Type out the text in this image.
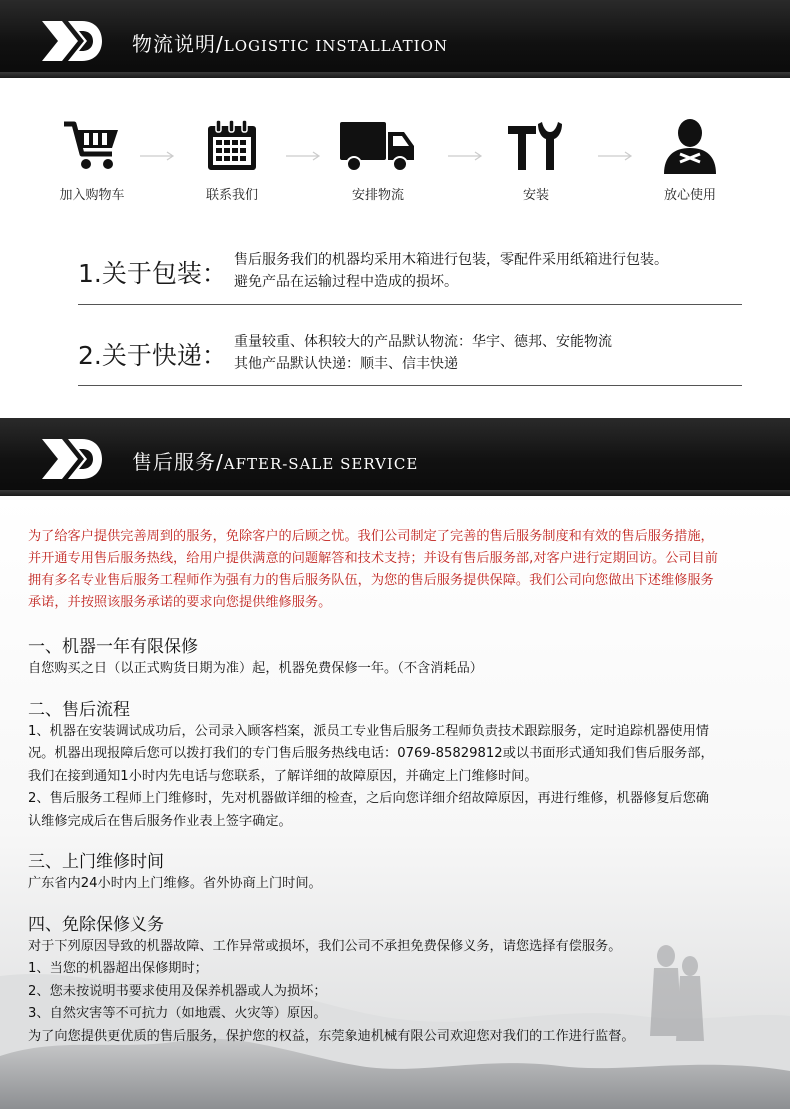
物流说明/LOGISTIC INSTALLATION
加入购物车	联系我们	安排物流	安装	放心使用
1.关于包装： 售后服务我们的机器均采用木箱进行包装，零配件采用纸箱进行包装。
避免产品在运输过程中造成的损坏。
2.关于快递： 重量较重、体积较大的产品默认物流：华宇、德邦、安能物流
其他产品默认快递：顺丰、信丰快递
售后服务/AFTER-SALE SERVICE
为了给客户提供完善周到的服务，免除客户的后顾之忧。我们公司制定了完善的售后服务制度和有效的售后服务措施，
并开通专用售后服务热线，给用户提供满意的问题解答和技术支持；并设有售后服务部,对客户进行定期回访。公司目前
拥有多名专业售后服务工程师作为强有力的售后服务队伍，为您的售后服务提供保障。我们公司向您做出下述维修服务
承诺，并按照该服务承诺的要求向您提供维修服务。
一、机器一年有限保修
自您购买之日（以正式购货日期为准）起，机器免费保修一年。（不含消耗品）
二、售后流程
1、机器在安装调试成功后，公司录入顾客档案，派员工专业售后服务工程师负责技术跟踪服务，定时追踪机器使用情
况。机器出现报障后您可以拨打我们的专门售后服务热线电话：0769-85829812或以书面形式通知我们售后服务部，
我们在接到通知1小时内先电话与您联系，了解详细的故障原因，并确定上门维修时间。
2、售后服务工程师上门维修时，先对机器做详细的检查，之后向您详细介绍故障原因，再进行维修，机器修复后您确
认维修完成后在售后服务作业表上签字确定。
三、上门维修时间
广东省内24小时内上门维修。省外协商上门时间。
四、免除保修义务
对于下列原因导致的机器故障、工作异常或损坏，我们公司不承担免费保修义务，请您选择有偿服务。
1、当您的机器超出保修期时；
2、您未按说明书要求使用及保养机器或人为损坏；
3、自然灾害等不可抗力（如地震、火灾等）原因。
为了向您提供更优质的售后服务，保护您的权益，东莞象迪机械有限公司欢迎您对我们的工作进行监督。
